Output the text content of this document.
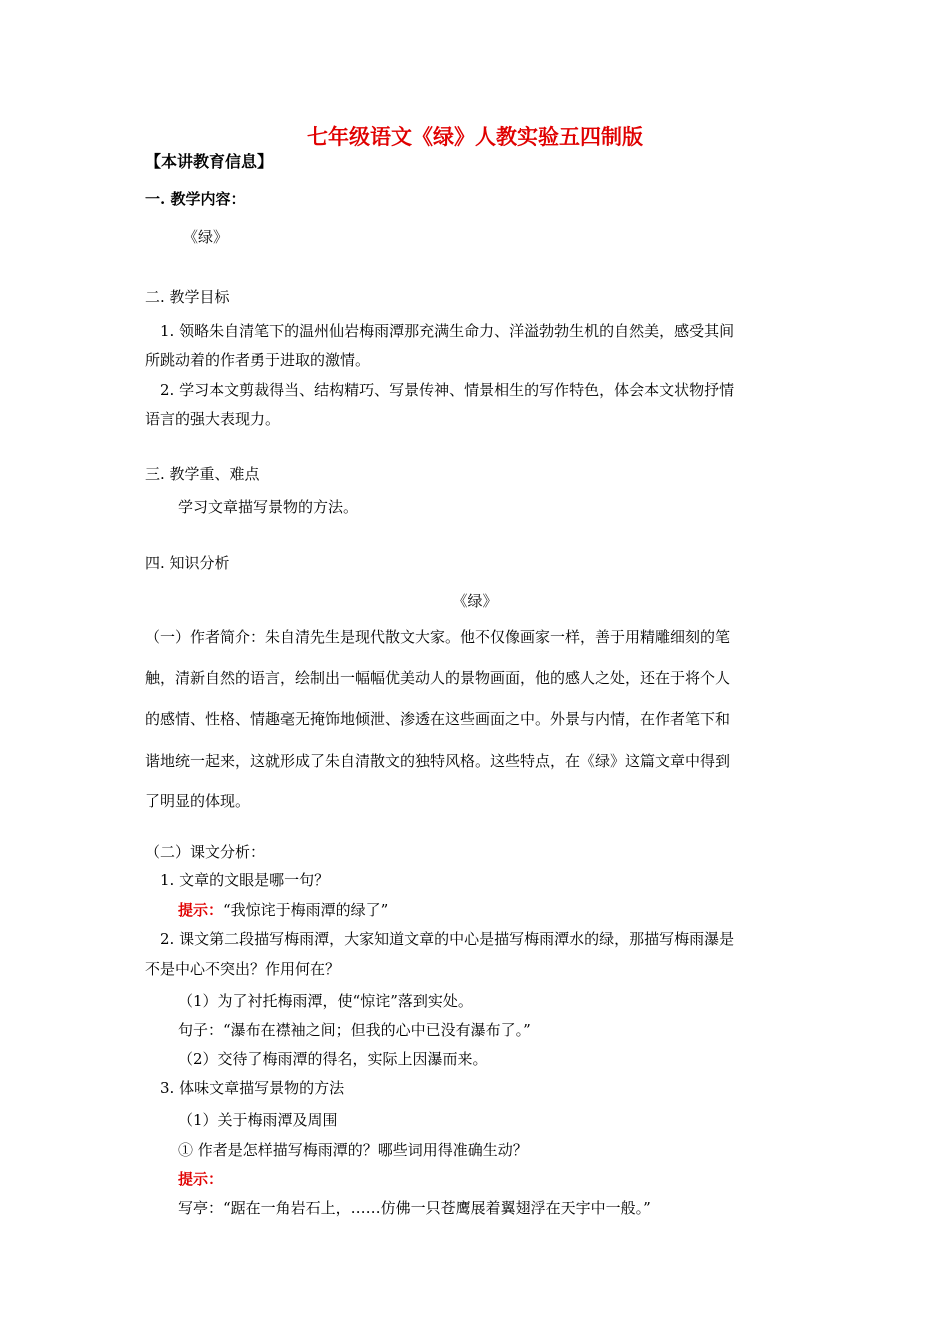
七年级语文《绿》人教实验五四制版
【本讲教育信息】
一. 教学内容：
《绿》
二. 教学目标
1. 领略朱自清笔下的温州仙岩梅雨潭那充满生命力、洋溢勃勃生机的自然美，感受其间
所跳动着的作者勇于进取的激情。
2. 学习本文剪裁得当、结构精巧、写景传神、情景相生的写作特色，体会本文状物抒情
语言的强大表现力。
三. 教学重、难点
学习文章描写景物的方法。
四. 知识分析
《绿》
（一）作者简介：朱自清先生是现代散文大家。他不仅像画家一样，善于用精雕细刻的笔
触，清新自然的语言，绘制出一幅幅优美动人的景物画面，他的感人之处，还在于将个人
的感情、性格、情趣毫无掩饰地倾泄、渗透在这些画面之中。外景与内情，在作者笔下和
谐地统一起来，这就形成了朱自清散文的独特风格。这些特点，在《绿》这篇文章中得到
了明显的体现。
（二）课文分析：
1. 文章的文眼是哪一句？
提示：“我惊诧于梅雨潭的绿了”
2. 课文第二段描写梅雨潭，大家知道文章的中心是描写梅雨潭水的绿，那描写梅雨瀑是
不是中心不突出？作用何在？
（1）为了衬托梅雨潭，使“惊诧”落到实处。
句子：“瀑布在襟袖之间；但我的心中已没有瀑布了。”
（2）交待了梅雨潭的得名，实际上因瀑而来。
3. 体味文章描写景物的方法
（1）关于梅雨潭及周围
① 作者是怎样描写梅雨潭的？哪些词用得准确生动？
提示：
写亭：“踞在一角岩石上，……仿佛一只苍鹰展着翼翅浮在天宇中一般。”
